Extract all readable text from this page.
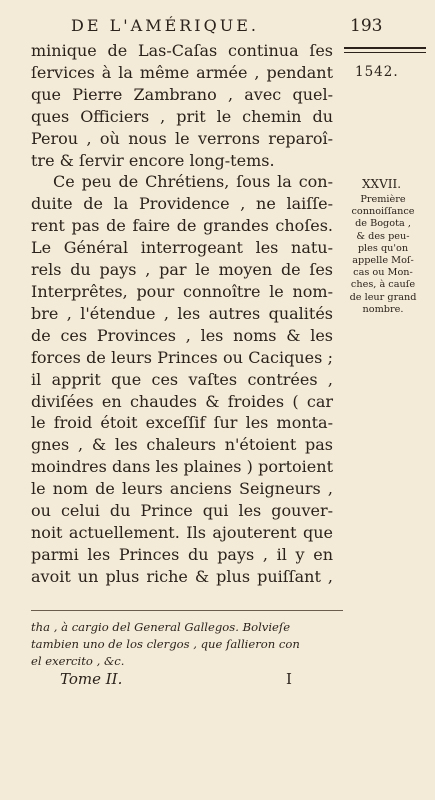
DE L'AMÉRIQUE.	193
1542.
XXVII.
Première
connoiſſance
de Bogota ,
& des peu-
ples qu'on
appelle Moſ-
cas ou Mon-
ches, à cauſe
de leur grand
nombre.
minique de Las-Caſas continua ſes
ſervices à la même armée , pendant
que Pierre Zambrano , avec quel-
ques Officiers , prit le chemin du
Perou , où nous le verrons reparoî-
tre & ſervir encore long-tems.
Ce peu de Chrétiens, ſous la con-
duite de la Providence , ne laiſſe-
rent pas de faire de grandes choſes.
Le Général interrogeant les natu-
rels du pays , par le moyen de ſes
Interprêtes, pour connoître le nom-
bre , l'étendue , les autres qualités
de ces Provinces , les noms & les
forces de leurs Princes ou Caciques ;
il apprit que ces vaſtes contrées ,
diviſées en chaudes & froides ( car
le froid étoit exceſſif ſur les monta-
gnes , & les chaleurs n'étoient pas
moindres dans les plaines ) portoient
le nom de leurs anciens Seigneurs ,
ou celui du Prince qui les gouver-
noit actuellement. Ils ajouterent que
parmi les Princes du pays , il y en
avoit un plus riche & plus puiſſant ,
tha , à cargio del General Gallegos. Bolvieſe
tambien uno de los clergos , que ſallieron con
el exercito , &c.
Tome II.	I
